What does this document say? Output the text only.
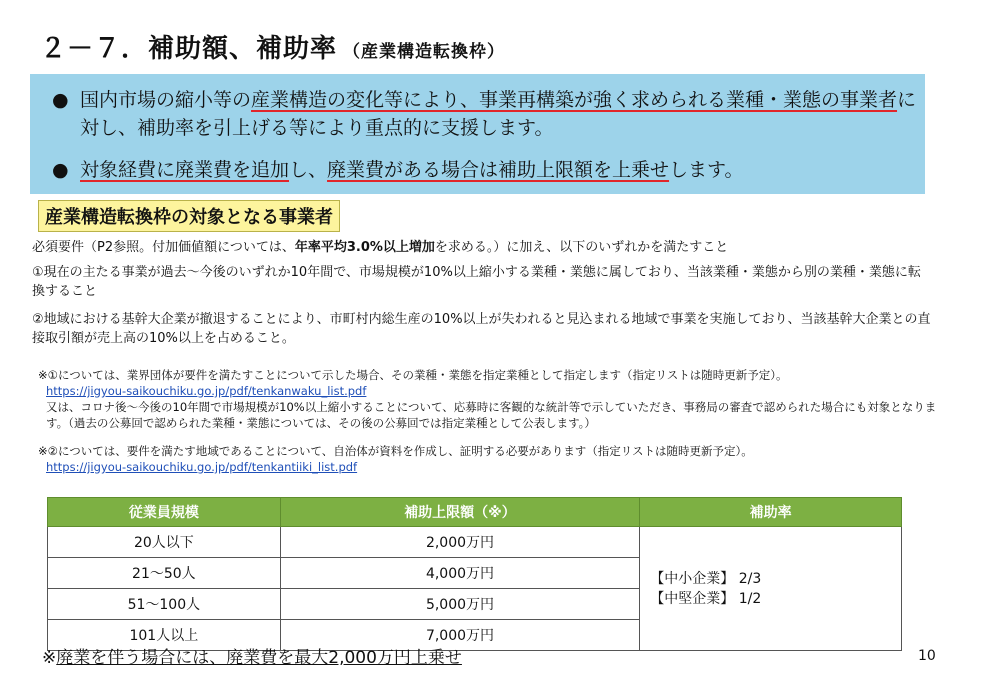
２－７．補助額、補助率 （産業構造転換枠）
● 国内市場の縮小等の産業構造の変化等により、事業再構築が強く求められる業種・業態の事業者に対し、補助率を引上げる等により重点的に支援します。
● 対象経費に廃業費を追加し、廃業費がある場合は補助上限額を上乗せします。
産業構造転換枠の対象となる事業者
必須要件（P2参照。付加価値額については、年率平均3.0%以上増加を求める。）に加え、以下のいずれかを満たすこと
①現在の主たる事業が過去～今後のいずれか10年間で、市場規模が10%以上縮小する業種・業態に属しており、当該業種・業態から別の業種・業態に転換すること
②地域における基幹大企業が撤退することにより、市町村内総生産の10%以上が失われると見込まれる地域で事業を実施しており、当該基幹大企業との直接取引額が売上高の10%以上を占めること。
※①については、業界団体が要件を満たすことについて示した場合、その業種・業態を指定業種として指定します（指定リストは随時更新予定）。
https://jigyou-saikouchiku.go.jp/pdf/tenkanwaku_list.pdf
又は、コロナ後～今後の10年間で市場規模が10%以上縮小することについて、応募時に客観的な統計等で示していただき、事務局の審査で認められた場合にも対象となります。（過去の公募回で認められた業種・業態については、その後の公募回では指定業種として公表します。）
※②については、要件を満たす地域であることについて、自治体が資料を作成し、証明する必要があります（指定リストは随時更新予定）。
https://jigyou-saikouchiku.go.jp/pdf/tenkantiiki_list.pdf
従業員規模	補助上限額（※）	補助率
20人以下	2,000万円	【中小企業】 2/3
【中堅企業】 1/2

21～50人	4,000万円	
51～100人	5,000万円	
101人以上	7,000万円	
※廃業を伴う場合には、廃業費を最大2,000万円上乗せ	10
